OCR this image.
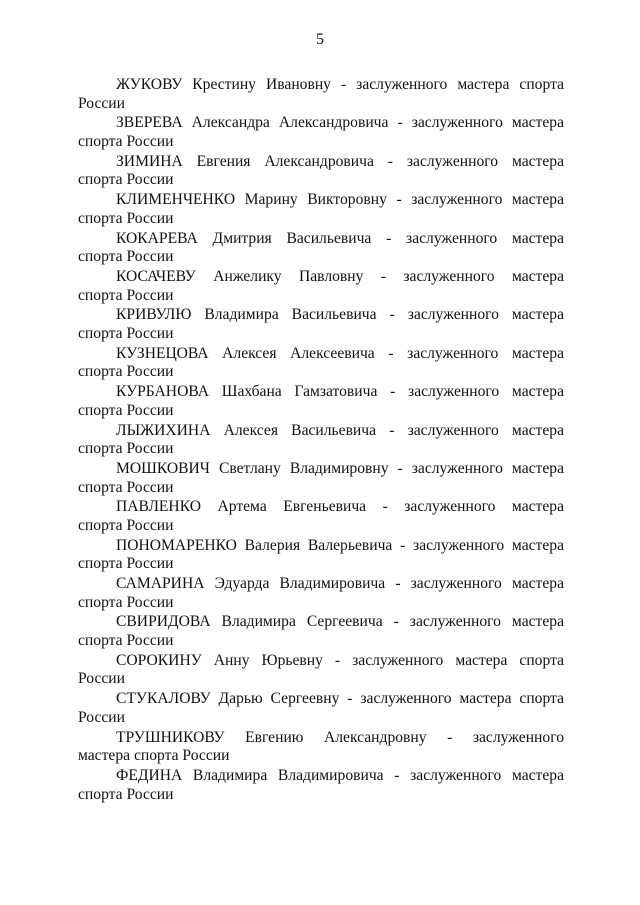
5
ЖУКОВУ Крестину Ивановну - заслуженного мастера спорта
России
ЗВЕРЕВА Александра Александровича - заслуженного мастера
спорта России
ЗИМИНА Евгения Александровича - заслуженного мастера
спорта России
КЛИМЕНЧЕНКО Марину Викторовну - заслуженного мастера
спорта России
КОКАРЕВА Дмитрия Васильевича - заслуженного мастера
спорта России
КОСАЧЕВУ Анжелику Павловну - заслуженного мастера
спорта России
КРИВУЛЮ Владимира Васильевича - заслуженного мастера
спорта России
КУЗНЕЦОВА Алексея Алексеевича - заслуженного мастера
спорта России
КУРБАНОВА Шахбана Гамзатовича - заслуженного мастера
спорта России
ЛЫЖИХИНА Алексея Васильевича - заслуженного мастера
спорта России
МОШКОВИЧ Светлану Владимировну - заслуженного мастера
спорта России
ПАВЛЕНКО Артема Евгеньевича - заслуженного мастера
спорта России
ПОНОМАРЕНКО Валерия Валерьевича - заслуженного мастера
спорта России
САМАРИНА Эдуарда Владимировича - заслуженного мастера
спорта России
СВИРИДОВА Владимира Сергеевича - заслуженного мастера
спорта России
СОРОКИНУ Анну Юрьевну - заслуженного мастера спорта
России
СТУКАЛОВУ Дарью Сергеевну - заслуженного мастера спорта
России
ТРУШНИКОВУ Евгению Александровну - заслуженного
мастера спорта России
ФЕДИНА Владимира Владимировича - заслуженного мастера
спорта России
